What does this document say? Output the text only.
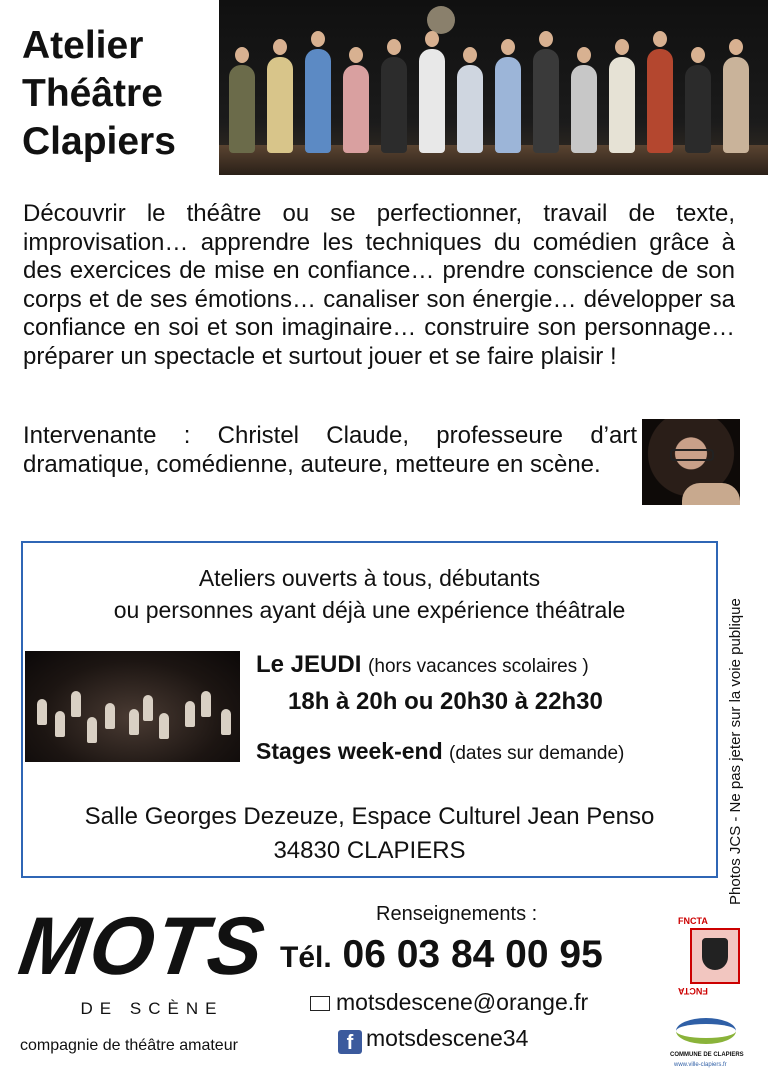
Atelier
Théâtre
Clapiers

Découvrir le théâtre ou se perfectionner, travail de texte, improvisation… apprendre les techniques du comédien grâce à des exercices de mise en confiance… prendre conscience de son corps et de ses émotions… canaliser son énergie… développer sa confiance en soi et son imaginaire… construire son personnage… préparer un spectacle et surtout jouer et se faire plaisir !

Intervenante : Christel Claude, professeure d’art dramatique, comédienne, auteure, metteure en scène.

Ateliers ouverts à tous, débutants

ou personnes ayant déjà une expérience théâtrale

Le JEUDI (hors vacances scolaires )

18h à 20h ou 20h30 à 22h30

Stages week-end (dates sur demande)

Salle Georges Dezeuze, Espace Culturel Jean Penso

34830 CLAPIERS	Photos JCS - Ne pas jeter sur la voie publique

MOTS

DE SCÈNE

compagnie de théâtre amateur

Renseignements :

Tél. 06 03 84 00 95

motsdescene@orange.fr

f motsdescene34

FNCTA

FNCTA

COMMUNE DE CLAPIERS

www.ville-clapiers.fr
